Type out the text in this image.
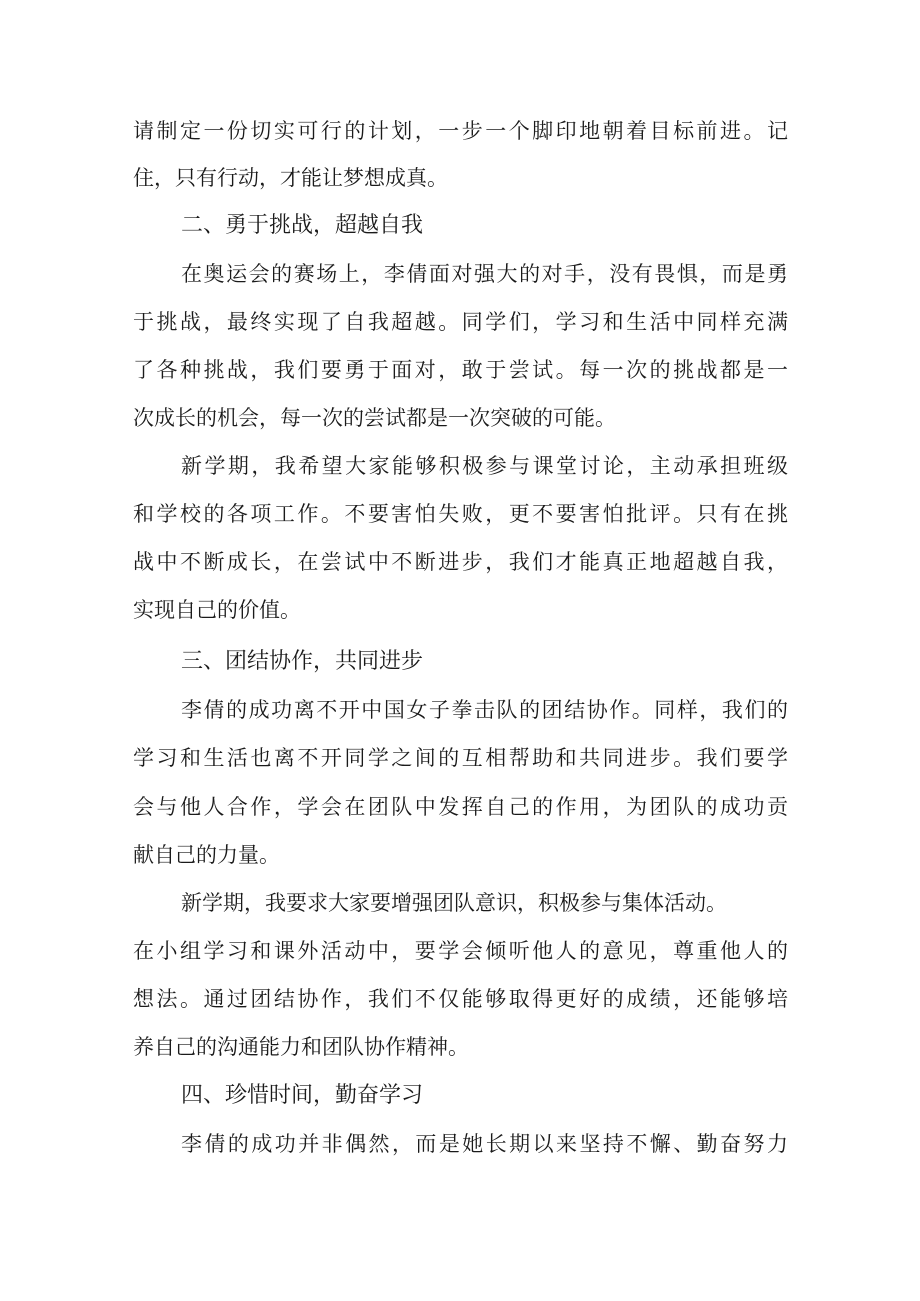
请制定一份切实可行的计划，一步一个脚印地朝着目标前进。记
住，只有行动，才能让梦想成真。
二、勇于挑战，超越自我
在奥运会的赛场上，李倩面对强大的对手，没有畏惧，而是勇
于挑战，最终实现了自我超越。同学们，学习和生活中同样充满
了各种挑战，我们要勇于面对，敢于尝试。每一次的挑战都是一
次成长的机会，每一次的尝试都是一次突破的可能。
新学期，我希望大家能够积极参与课堂讨论，主动承担班级
和学校的各项工作。不要害怕失败，更不要害怕批评。只有在挑
战中不断成长，在尝试中不断进步，我们才能真正地超越自我，
实现自己的价值。
三、团结协作，共同进步
李倩的成功离不开中国女子拳击队的团结协作。同样，我们的
学习和生活也离不开同学之间的互相帮助和共同进步。我们要学
会与他人合作，学会在团队中发挥自己的作用，为团队的成功贡
献自己的力量。
新学期，我要求大家要增强团队意识，积极参与集体活动。
在小组学习和课外活动中，要学会倾听他人的意见，尊重他人的
想法。通过团结协作，我们不仅能够取得更好的成绩，还能够培
养自己的沟通能力和团队协作精神。
四、珍惜时间，勤奋学习
李倩的成功并非偶然，而是她长期以来坚持不懈、勤奋努力
